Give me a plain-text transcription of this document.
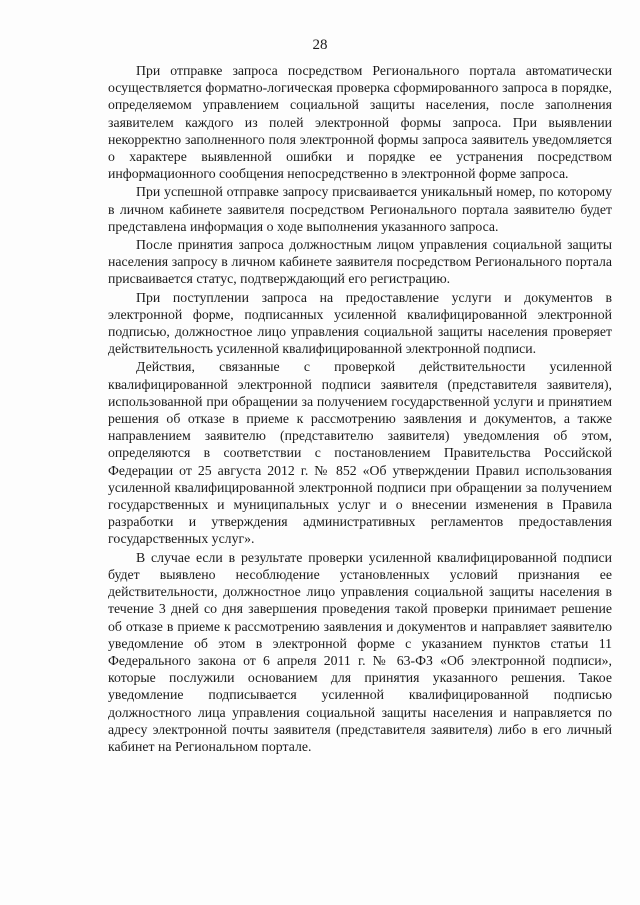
28

При отправке запроса посредством Регионального портала автоматически осуществляется форматно-логическая проверка сформированного запроса в порядке, определяемом управлением социальной защиты населения, после заполнения заявителем каждого из полей электронной формы запроса. При выявлении некорректно заполненного поля электронной формы запроса заявитель уведомляется о характере выявленной ошибки и порядке ее устранения посредством информационного сообщения непосредственно в электронной форме запроса.

При успешной отправке запросу присваивается уникальный номер, по которому в личном кабинете заявителя посредством Регионального портала заявителю будет представлена информация о ходе выполнения указанного запроса.

После принятия запроса должностным лицом управления социальной защиты населения запросу в личном кабинете заявителя посредством Регионального портала присваивается статус, подтверждающий его регистрацию.

При поступлении запроса на предоставление услуги и документов в электронной форме, подписанных усиленной квалифицированной электронной подписью, должностное лицо управления социальной защиты населения проверяет действительность усиленной квалифицированной электронной подписи.

Действия, связанные с проверкой действительности усиленной квалифицированной электронной подписи заявителя (представителя заявителя), использованной при обращении за получением государственной услуги и принятием решения об отказе в приеме к рассмотрению заявления и документов, а также направлением заявителю (представителю заявителя) уведомления об этом, определяются в соответствии с постановлением Правительства Российской Федерации от 25 августа 2012 г. № 852 «Об утверждении Правил использования усиленной квалифицированной электронной подписи при обращении за получением государственных и муниципальных услуг и о внесении изменения в Правила разработки и утверждения административных регламентов предоставления государственных услуг».

В случае если в результате проверки усиленной квалифицированной подписи будет выявлено несоблюдение установленных условий признания ее действительности, должностное лицо управления социальной защиты населения в течение 3 дней со дня завершения проведения такой проверки принимает решение об отказе в приеме к рассмотрению заявления и документов и направляет заявителю уведомление об этом в электронной форме с указанием пунктов статьи 11 Федерального закона от 6 апреля 2011 г. № 63-ФЗ «Об электронной подписи», которые послужили основанием для принятия указанного решения. Такое уведомление подписывается усиленной квалифицированной подписью должностного лица управления социальной защиты населения и направляется по адресу электронной почты заявителя (представителя заявителя) либо в его личный кабинет на Региональном портале.
